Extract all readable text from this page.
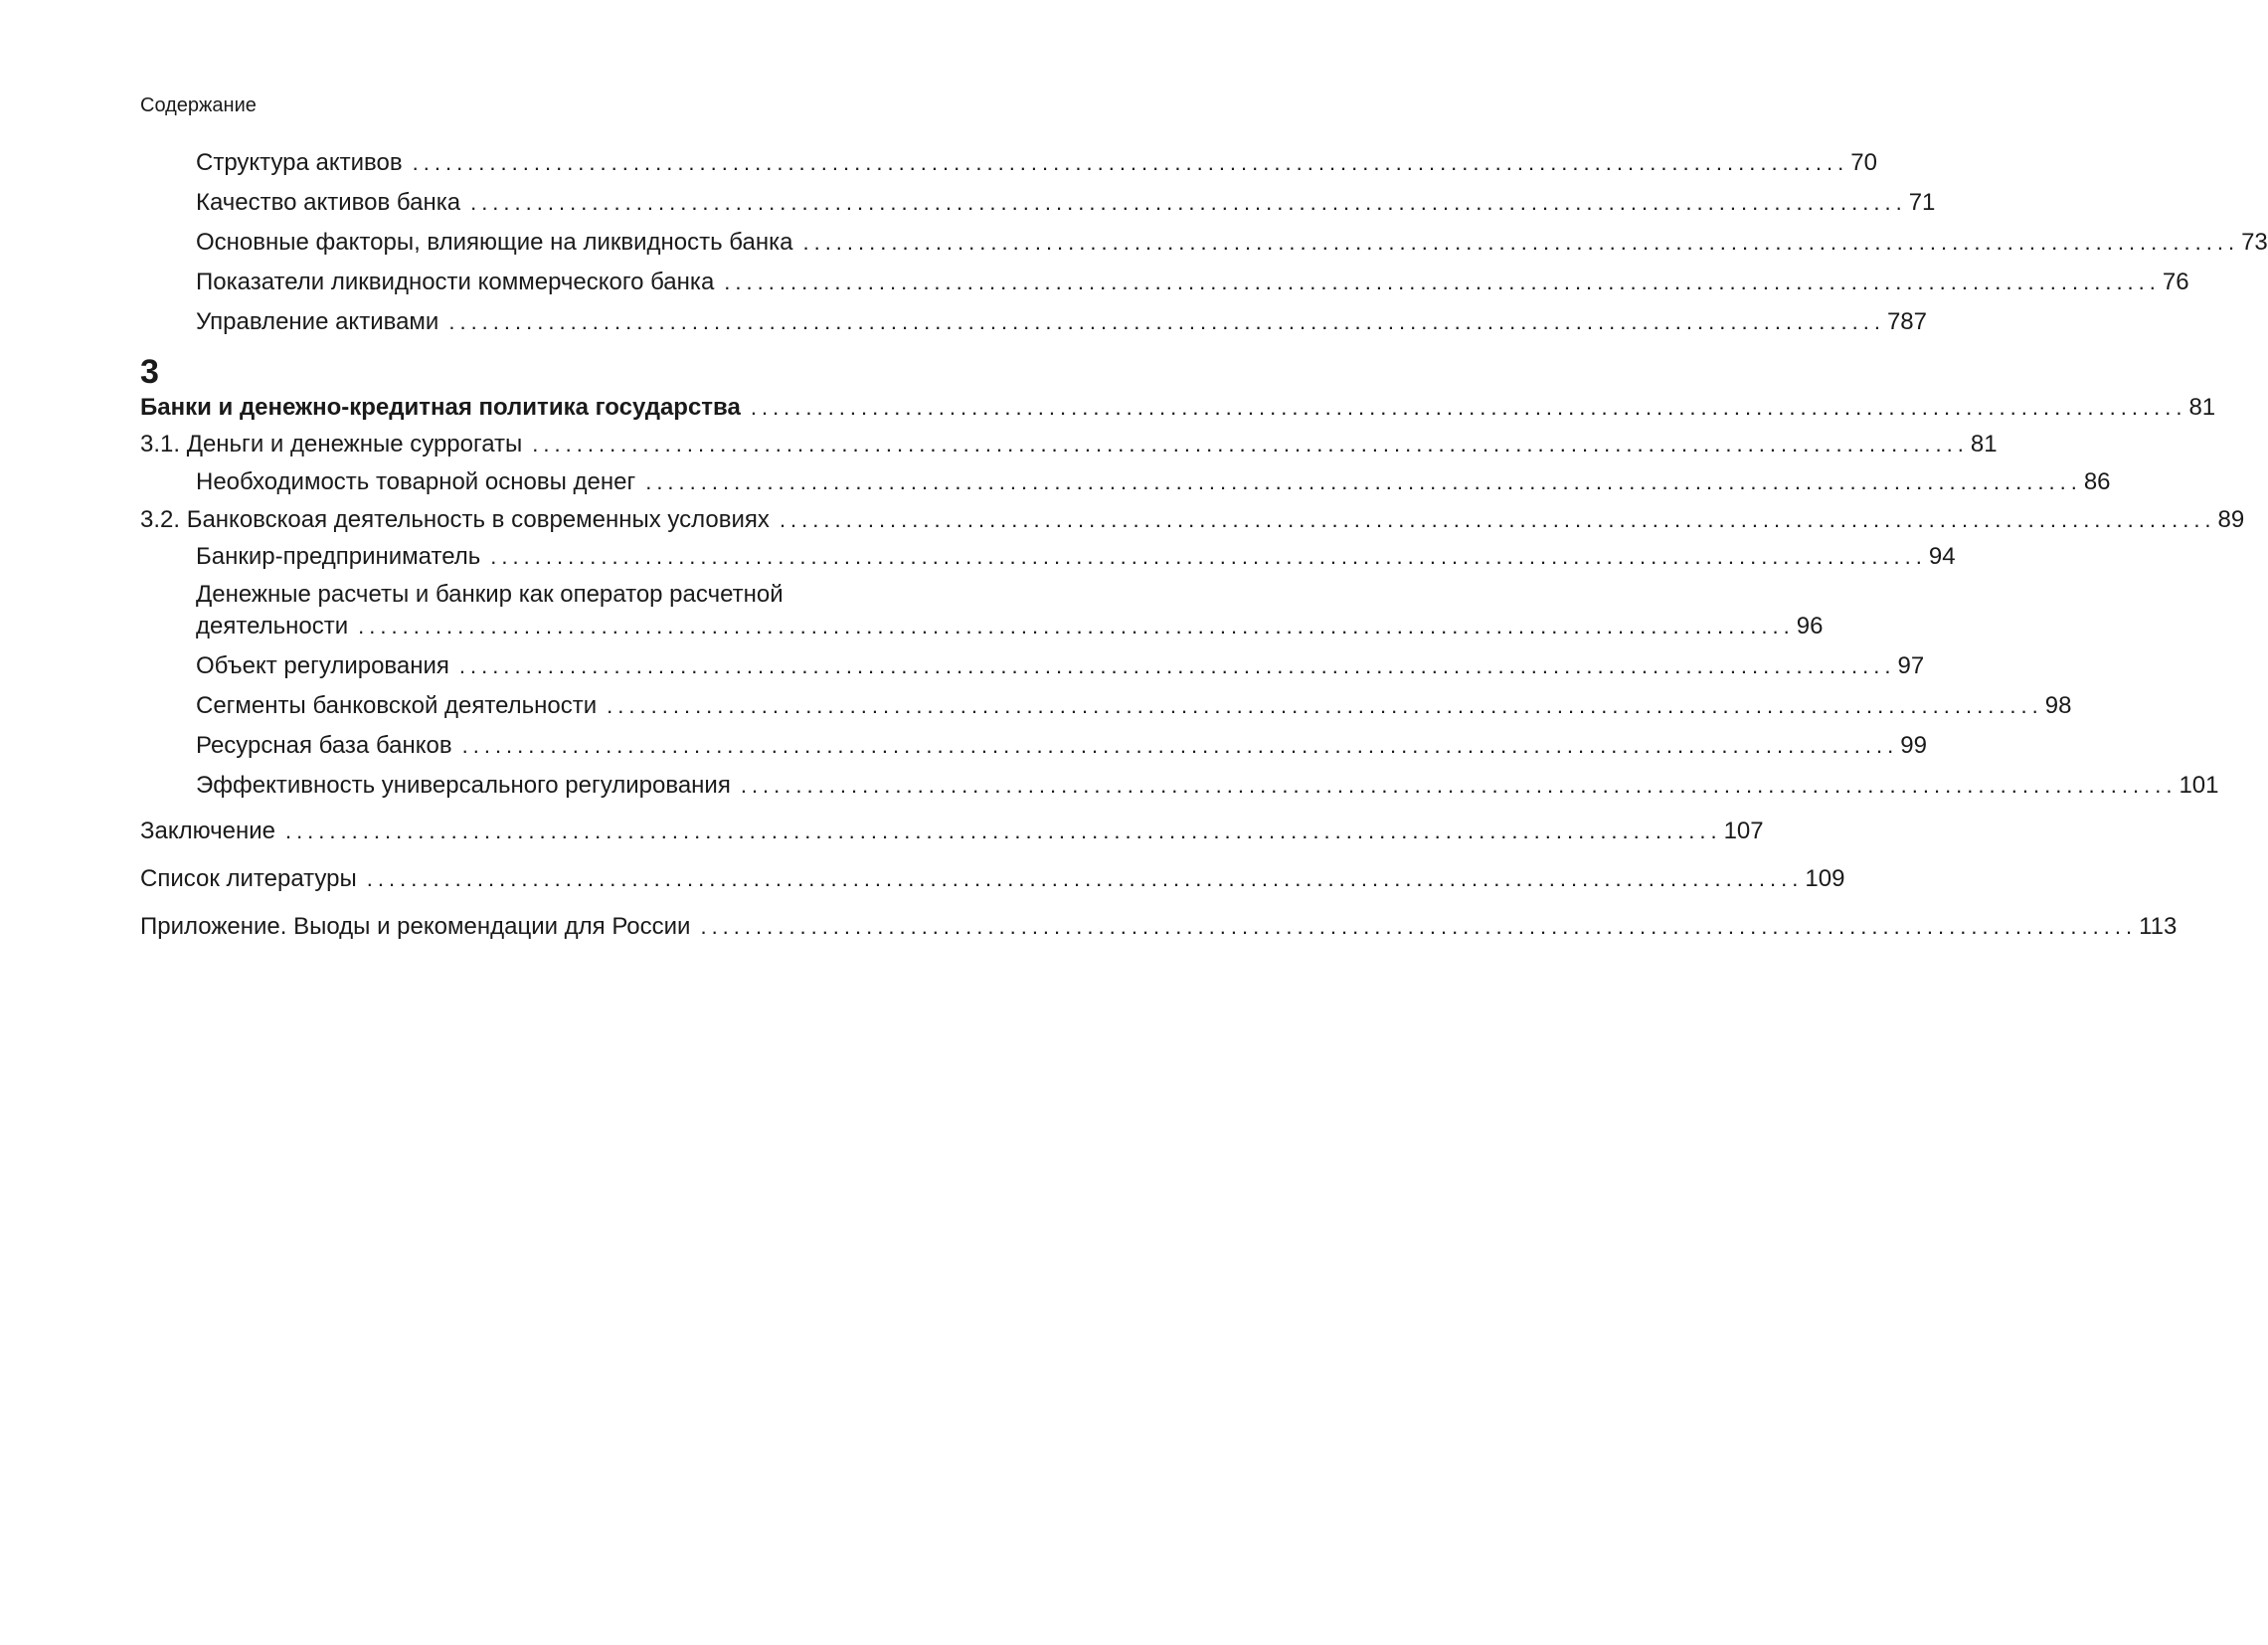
Содержание
Структура активов .................................................................................................................................. 70
Качество активов банка .................................................................................................................................. 71
Основные факторы, влияющие на ликвидность банка .................................................................................................................................. 73
Показатели ликвидности коммерческого банка .................................................................................................................................. 76
Управление активами .................................................................................................................................. 787
3
Банки и денежно-кредитная политика государства .................................................................................................................................. 81
3.1. Деньги и денежные суррогаты .................................................................................................................................. 81
Необходимость товарной основы денег .................................................................................................................................. 86
3.2. Банковскоая деятельность в современных условиях .................................................................................................................................. 89
Банкир-предприниматель .................................................................................................................................. 94
Денежные расчеты и банкир как оператор расчетной
деятельности .................................................................................................................................. 96
Объект регулирования .................................................................................................................................. 97
Сегменты банковской деятельности .................................................................................................................................. 98
Ресурсная база банков .................................................................................................................................. 99
Эффективность универсального регулирования .................................................................................................................................. 101
Заключение .................................................................................................................................. 107
Список литературы .................................................................................................................................. 109
Приложение. Выоды и рекомендации для России .................................................................................................................................. 113
